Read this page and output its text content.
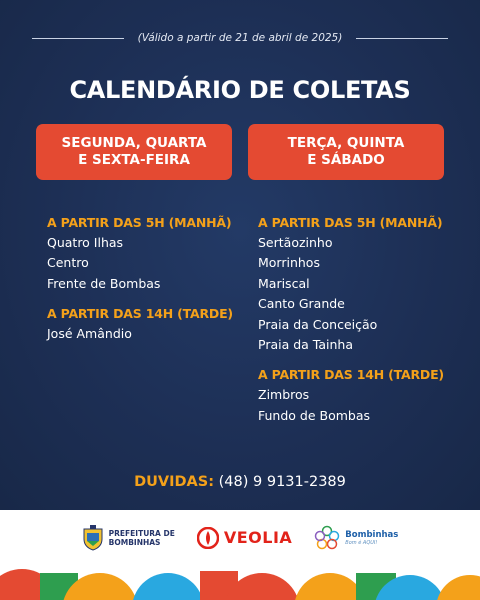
(Válido a partir de 21 de abril de 2025)
CALENDÁRIO DE COLETAS
SEGUNDA, QUARTA
E SEXTA-FEIRA
TERÇA, QUINTA
E SÁBADO
A PARTIR DAS 5H (MANHÃ)
Quatro Ilhas
Centro
Frente de Bombas
A PARTIR DAS 14H (TARDE)
José Amândio
A PARTIR DAS 5H (MANHÃ)
Sertãozinho
Morrinhos
Mariscal
Canto Grande
Praia da Conceição
Praia da Tainha
A PARTIR DAS 14H (TARDE)
Zimbros
Fundo de Bombas
DUVIDAS: (48) 9 9131-2389
PREFEITURA DE
BOMBINHAS	VEOLIA	Bombinhas
Bom é AQUI!
